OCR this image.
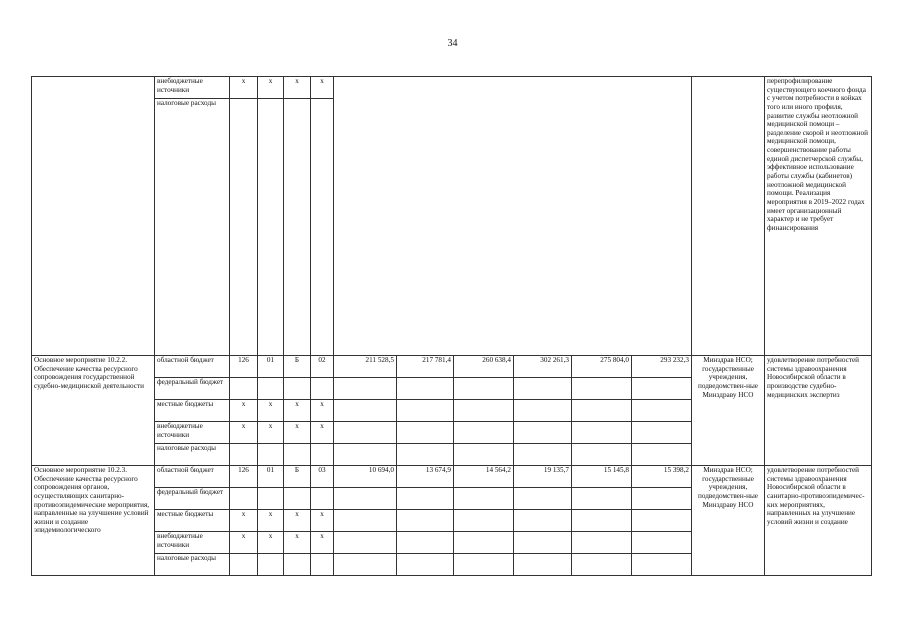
34
	внебюджетные источники	х	х	х	х								перепрофилирование существующего коечного фонда с учетом потребности в койках того или иного профиля, развитие службы неотложной медицинской помощи – разделение скорой и неотложной медицинской помощи, совершенствование работы единой диспетчерской службы, эффективное использование работы службы (кабинетов) неотложной медицинской помощи. Реализация мероприятия в 2019–2022 годах имеет организационный характер и не требует финансирования
	налоговые расходы												
Основное мероприятие 10.2.2. Обеспечение качества ресурсного сопровождения государственной судебно-медицинской деятельности	областной бюджет	126	01	Б	02	211 528,5	217 781,4	260 638,4	302 261,3	275 804,0	293 232,3	Минздрав НСО; государственные учреждения, подведомствен-ные Минздраву НСО	удовлетворение потребностей системы здравоохранения Новосибирской области в производстве судебно-медицинских экспертиз
	федеральный бюджет												
	местные бюджеты	х	х	х	х								
	внебюджетные источники	х	х	х	х								
	налоговые расходы												
Основное мероприятие 10.2.3. Обеспечение качества ресурсного сопровождения органов, осуществляющих санитарно-противоэпидемические мероприятия, направленные на улучшение условий жизни и создание эпидемиологического	областной бюджет	126	01	Б	03	10 694,0	13 674,9	14 564,2	19 135,7	15 145,8	15 398,2	Минздрав НСО; государственные учреждения, подведомствен-ные Минздраву НСО	удовлетворение потребностей системы здравоохранения Новосибирской области в санитарно-противоэпидемичес-ких мероприятиях, направленных на улучшение условий жизни и создание
	федеральный бюджет												
	местные бюджеты	х	х	х	х								
	внебюджетные источники	х	х	х	х								
	налоговые расходы												
